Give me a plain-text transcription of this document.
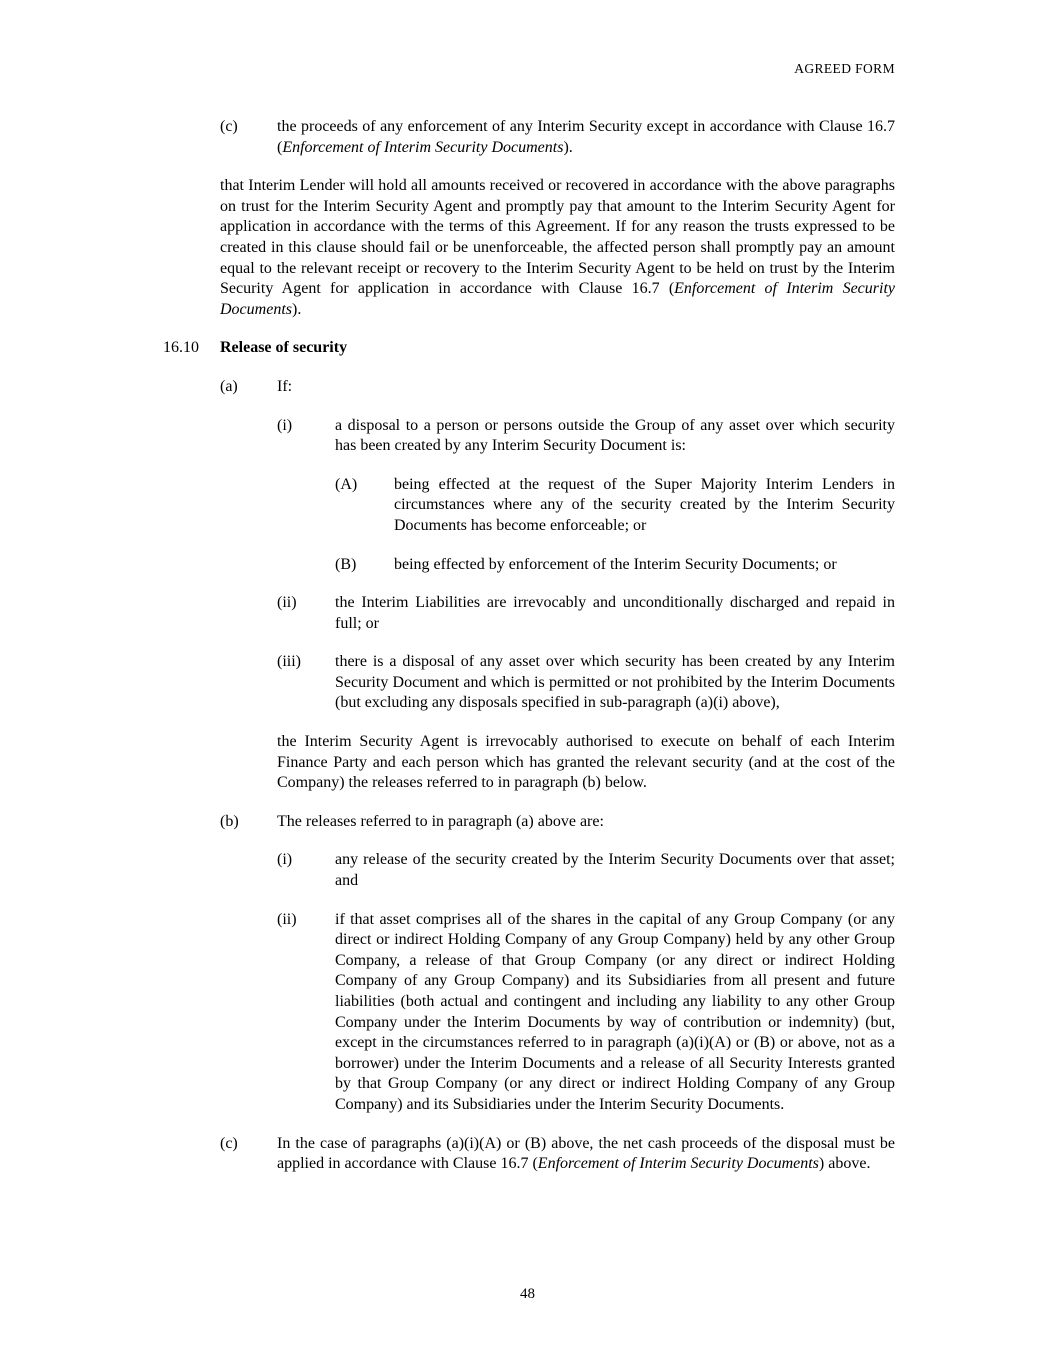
AGREED FORM
(c)	the proceeds of any enforcement of any Interim Security except in accordance with Clause 16.7 (Enforcement of Interim Security Documents).
that Interim Lender will hold all amounts received or recovered in accordance with the above paragraphs on trust for the Interim Security Agent and promptly pay that amount to the Interim Security Agent for application in accordance with the terms of this Agreement. If for any reason the trusts expressed to be created in this clause should fail or be unenforceable, the affected person shall promptly pay an amount equal to the relevant receipt or recovery to the Interim Security Agent to be held on trust by the Interim Security Agent for application in accordance with Clause 16.7 (Enforcement of Interim Security Documents).
16.10	Release of security
(a)	If:
(i)	a disposal to a person or persons outside the Group of any asset over which security has been created by any Interim Security Document is:
(A)	being effected at the request of the Super Majority Interim Lenders in circumstances where any of the security created by the Interim Security Documents has become enforceable; or
(B)	being effected by enforcement of the Interim Security Documents; or
(ii)	the Interim Liabilities are irrevocably and unconditionally discharged and repaid in full; or
(iii)	there is a disposal of any asset over which security has been created by any Interim Security Document and which is permitted or not prohibited by the Interim Documents (but excluding any disposals specified in sub-paragraph (a)(i) above),
the Interim Security Agent is irrevocably authorised to execute on behalf of each Interim Finance Party and each person which has granted the relevant security (and at the cost of the Company) the releases referred to in paragraph (b) below.
(b)	The releases referred to in paragraph (a) above are:
(i)	any release of the security created by the Interim Security Documents over that asset; and
(ii)	if that asset comprises all of the shares in the capital of any Group Company (or any direct or indirect Holding Company of any Group Company) held by any other Group Company, a release of that Group Company (or any direct or indirect Holding Company of any Group Company) and its Subsidiaries from all present and future liabilities (both actual and contingent and including any liability to any other Group Company under the Interim Documents by way of contribution or indemnity) (but, except in the circumstances referred to in paragraph (a)(i)(A) or (B) or above, not as a borrower) under the Interim Documents and a release of all Security Interests granted by that Group Company (or any direct or indirect Holding Company of any Group Company) and its Subsidiaries under the Interim Security Documents.
(c)	In the case of paragraphs (a)(i)(A) or (B) above, the net cash proceeds of the disposal must be applied in accordance with Clause 16.7 (Enforcement of Interim Security Documents) above.
48
